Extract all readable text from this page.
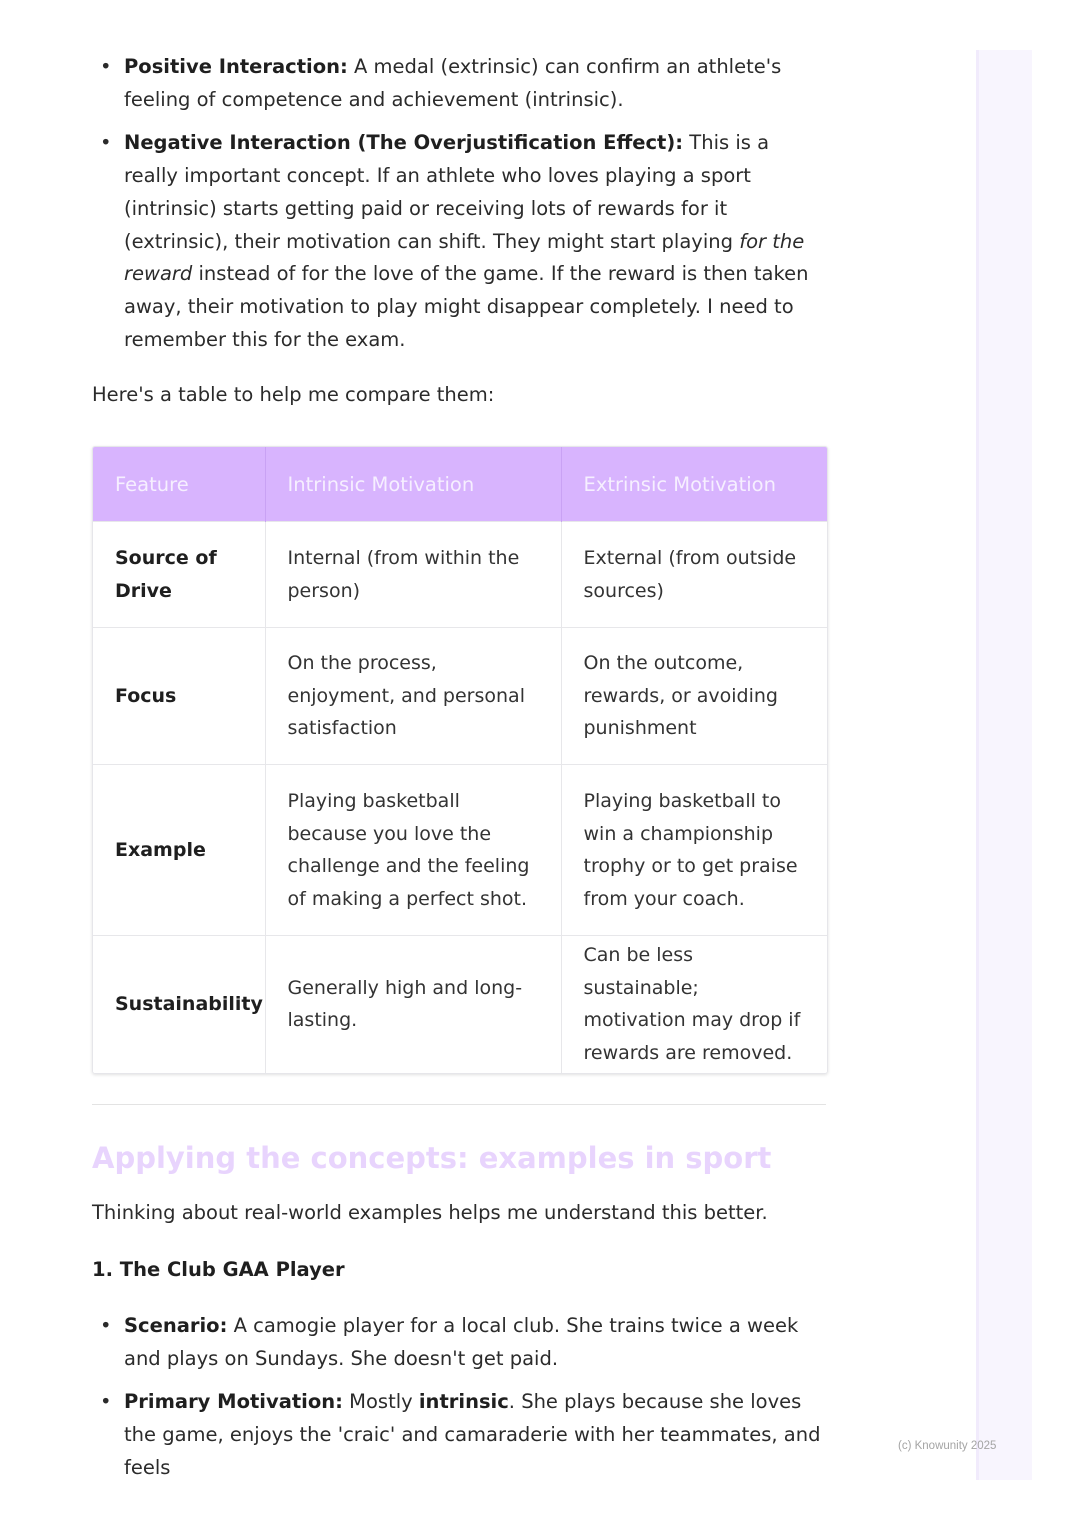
• Positive Interaction: A medal (extrinsic) can confirm an athlete's feeling of competence and achievement (intrinsic).
• Negative Interaction (The Overjustification Effect): This is a really important concept. If an athlete who loves playing a sport (intrinsic) starts getting paid or receiving lots of rewards for it (extrinsic), their motivation can shift. They might start playing for the reward instead of for the love of the game. If the reward is then taken away, their motivation to play might disappear completely. I need to remember this for the exam.

Here's a table to help me compare them:

Feature	Intrinsic Motivation	Extrinsic Motivation
Source of Drive	Internal (from within the person)	External (from outside sources)
Focus	On the process, enjoyment, and personal satisfaction	On the outcome, rewards, or avoiding punishment
Example	Playing basketball because you love the challenge and the feeling of making a perfect shot.	Playing basketball to win a championship trophy or to get praise from your coach.
Sustainability	Generally high and long-lasting.	Can be less sustainable; motivation may drop if rewards are removed.
Applying the concepts: examples in sport

Thinking about real-world examples helps me understand this better.

1. The Club GAA Player
• Scenario: A camogie player for a local club. She trains twice a week and plays on Sundays. She doesn't get paid.
• Primary Motivation: Mostly intrinsic. She plays because she loves the game, enjoys the 'craic' and camaraderie with her teammates, and feels
(c) Knowunity 2025
